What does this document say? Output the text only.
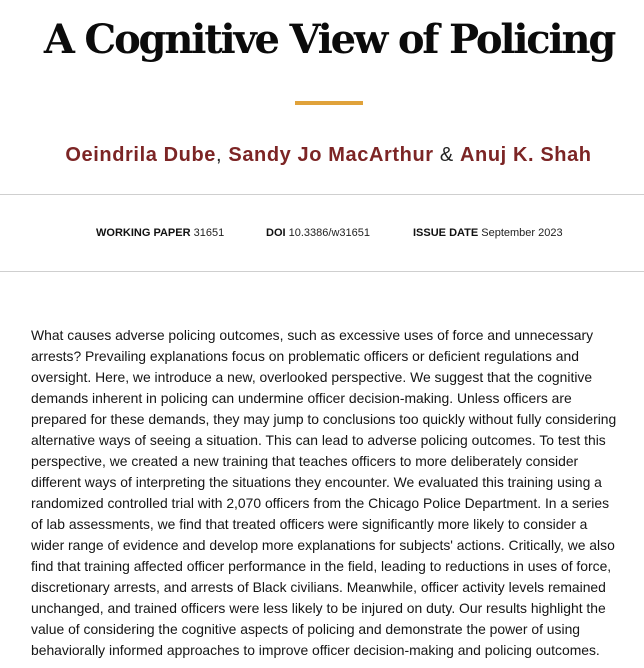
A Cognitive View of Policing
Oeindrila Dube, Sandy Jo MacArthur & Anuj K. Shah
WORKING PAPER 31651	DOI 10.3386/w31651	ISSUE DATE September 2023

What causes adverse policing outcomes, such as excessive uses of force and unnecessary
arrests? Prevailing explanations focus on problematic officers or deficient regulations and
oversight. Here, we introduce a new, overlooked perspective. We suggest that the cognitive
demands inherent in policing can undermine officer decision-making. Unless officers are
prepared for these demands, they may jump to conclusions too quickly without fully considering
alternative ways of seeing a situation. This can lead to adverse policing outcomes. To test this
perspective, we created a new training that teaches officers to more deliberately consider
different ways of interpreting the situations they encounter. We evaluated this training using a
randomized controlled trial with 2,070 officers from the Chicago Police Department. In a series
of lab assessments, we find that treated officers were significantly more likely to consider a
wider range of evidence and develop more explanations for subjects' actions. Critically, we also
find that training affected officer performance in the field, leading to reductions in uses of force,
discretionary arrests, and arrests of Black civilians. Meanwhile, officer activity levels remained
unchanged, and trained officers were less likely to be injured on duty. Our results highlight the
value of considering the cognitive aspects of policing and demonstrate the power of using
behaviorally informed approaches to improve officer decision-making and policing outcomes.
